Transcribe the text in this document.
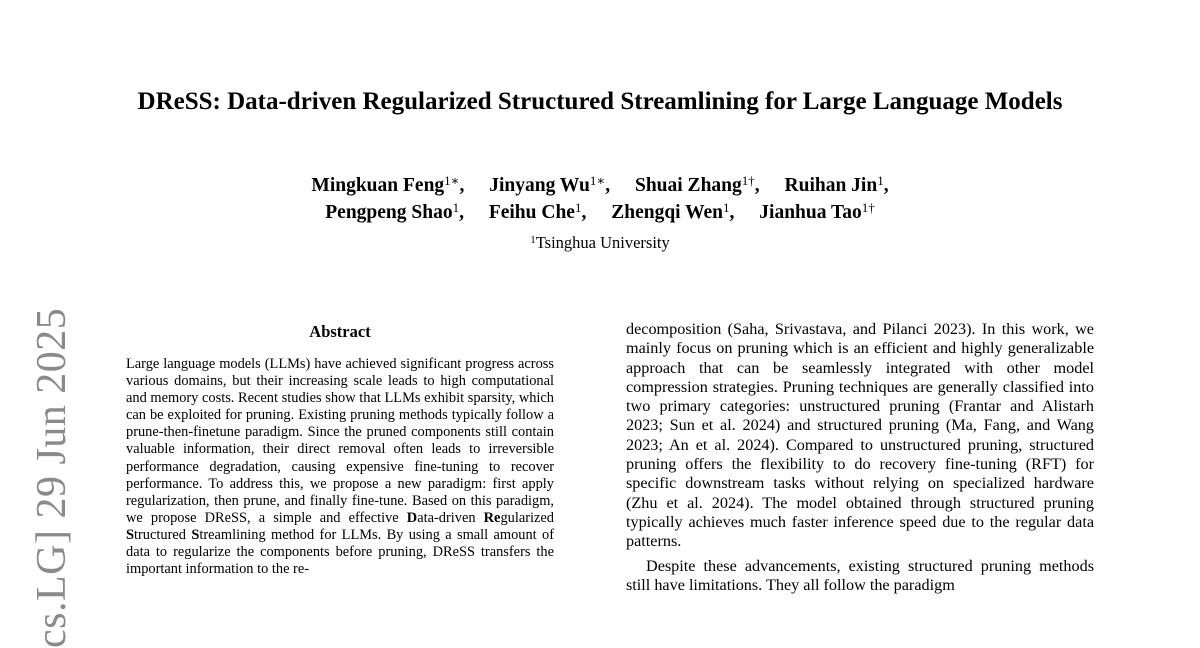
cs.LG] 29 Jun 2025
DReSS: Data-driven Regularized Structured Streamlining for Large Language Models
Mingkuan Feng$^{1∗}$, Jinyang $Wu^{1∗}$, Shuai Zhang$^{1\dagger}$, Ruihan Jin$^1$,
Pengpeng Shao$^1$, Feihu Che$^1$, Zhengqi Wen$^1$, Jianhua Tao$^{1\dagger}$
$^1$Tsinghua University
Abstract
Large language models (LLMs) have achieved significant progress across various domains, but their increasing scale leads to high computational and memory costs. Recent studies show that LLMs exhibit sparsity, which can be exploited for pruning. Existing pruning methods typically follow a prune-then-finetune paradigm. Since the pruned components still contain valuable information, their direct removal often leads to irreversible performance degradation, causing expensive fine-tuning to recover performance. To address this, we propose a new paradigm: first apply regularization, then prune, and finally fine-tune. Based on this paradigm, we propose DReSS, a simple and effective Data-driven Regularized Structured Streamlining method for LLMs. By using a small amount of data to regularize the components before pruning, DReSS transfers the important information to the re-

decomposition (Saha, Srivastava, and Pilanci 2023). In this work, we mainly focus on pruning which is an efficient and highly generalizable approach that can be seamlessly integrated with other model compression strategies. Pruning techniques are generally classified into two primary categories: unstructured pruning (Frantar and Alistarh 2023; Sun et al. 2024) and structured pruning (Ma, Fang, and Wang 2023; An et al. 2024). Compared to unstructured pruning, structured pruning offers the flexibility to do recovery fine-tuning (RFT) for specific downstream tasks without relying on specialized hardware (Zhu et al. 2024). The model obtained through structured pruning typically achieves much faster inference speed due to the regular data patterns.

Despite these advancements, existing structured pruning methods still have limitations. They all follow the paradigm
